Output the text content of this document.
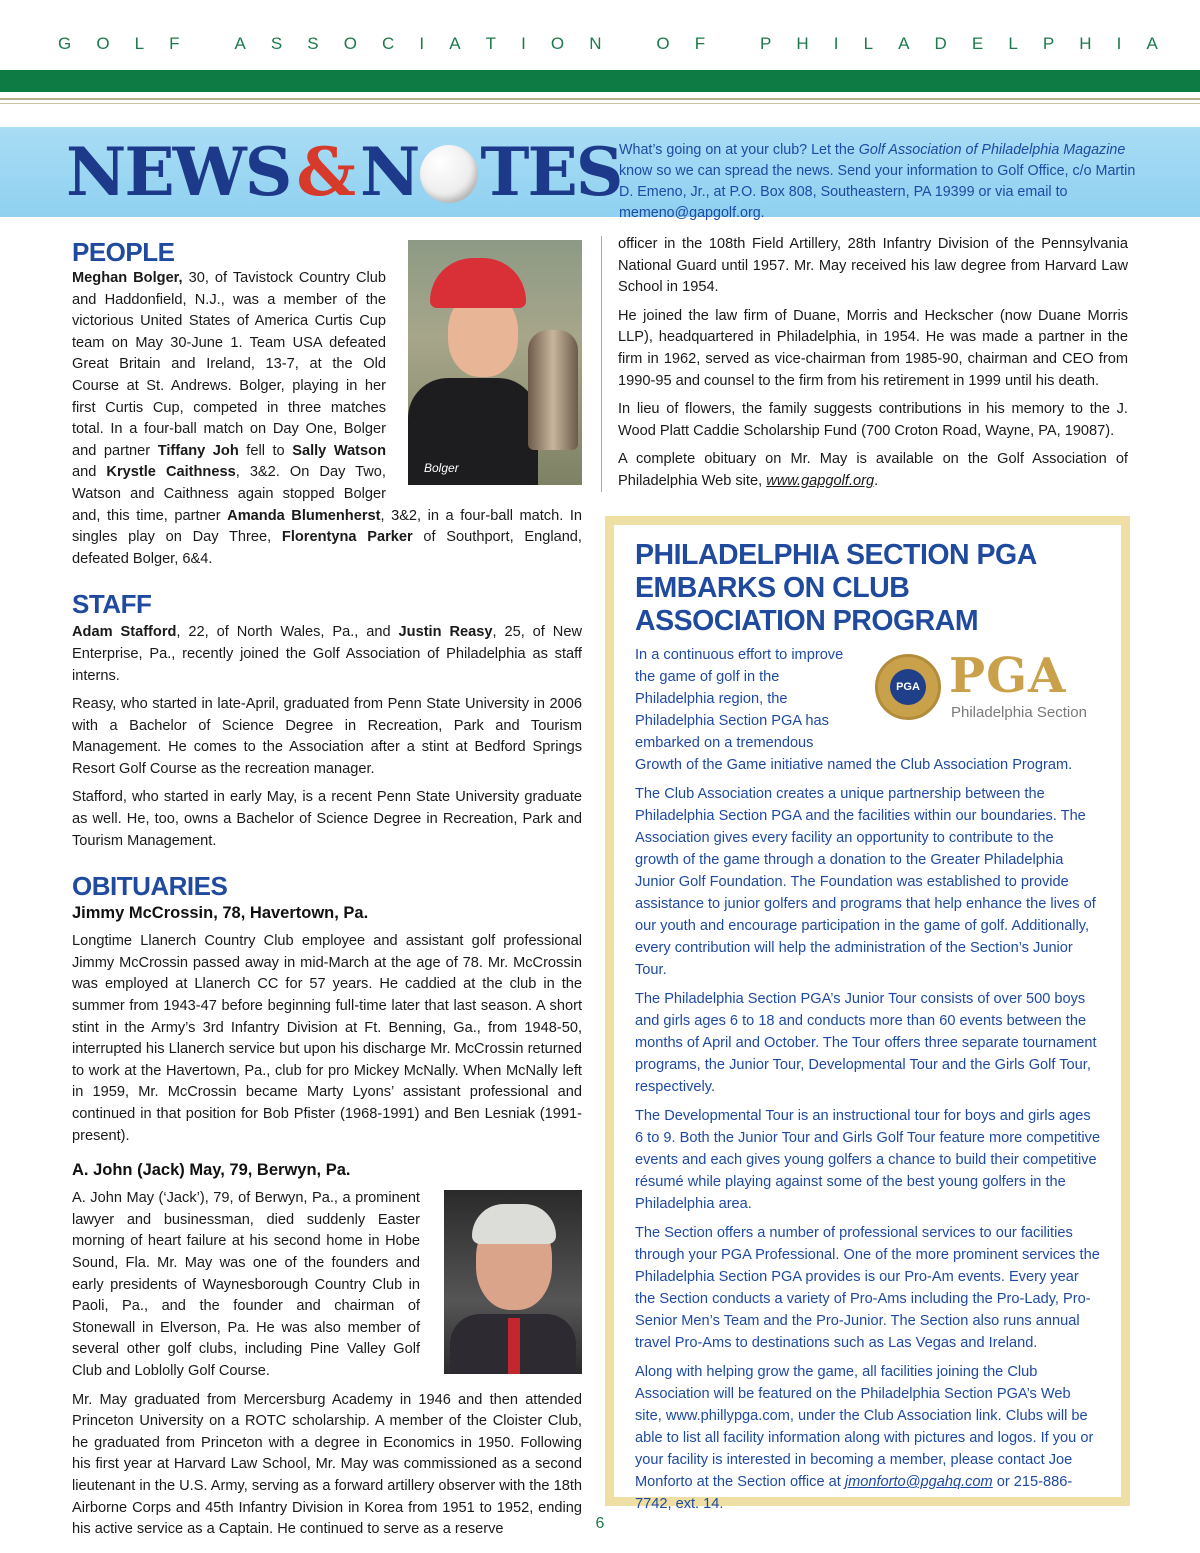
G O L F
	A S S O C I A T I O N
	O F
	P H I L A D E L P H I A
NEWS & N TES
What’s going on at your club? Let the Golf Association of Philadelphia Magazine know so we can spread the news. Send your information to Golf Office, c/o Martin D. Emeno, Jr., at P.O. Box 808, Southeastern, PA 19399 or via email to memeno@gapgolf.org.
Bolger
PEOPLE

Meghan Bolger, 30, of Tavistock Country Club and Haddonfield, N.J., was a member of the victorious United States of America Curtis Cup team on May 30-June 1. Team USA defeated Great Britain and Ireland, 13-7, at the Old Course at St. Andrews. Bolger, playing in her first Curtis Cup, competed in three matches total. In a four-ball match on Day One, Bolger and partner Tiffany Joh fell to Sally Watson and Krystle Caithness, 3&2. On Day Two, Watson and Caithness again stopped Bolger and, this time, partner Amanda Blumenherst, 3&2, in a four-ball match. In singles play on Day Three, Florentyna Parker of Southport, England, defeated Bolger, 6&4.

STAFF

Adam Stafford, 22, of North Wales, Pa., and Justin Reasy, 25, of New Enterprise, Pa., recently joined the Golf Association of Philadelphia as staff interns.

Reasy, who started in late-April, graduated from Penn State University in 2006 with a Bachelor of Science Degree in Recreation, Park and Tourism Management. He comes to the Association after a stint at Bedford Springs Resort Golf Course as the recreation manager.

Stafford, who started in early May, is a recent Penn State University graduate as well. He, too, owns a Bachelor of Science Degree in Recreation, Park and Tourism Management.

OBITUARIES
Jimmy McCrossin, 78, Havertown, Pa.

Longtime Llanerch Country Club employee and assistant golf professional Jimmy McCrossin passed away in mid-March at the age of 78. Mr. McCrossin was employed at Llanerch CC for 57 years. He caddied at the club in the summer from 1943-47 before beginning full-time later that last season. A short stint in the Army’s 3rd Infantry Division at Ft. Benning, Ga., from 1948-50, interrupted his Llanerch service but upon his discharge Mr. McCrossin returned to work at the Havertown, Pa., club for pro Mickey McNally. When McNally left in 1959, Mr. McCrossin became Marty Lyons’ assistant professional and continued in that position for Bob Pfister (1968-1991) and Ben Lesniak (1991-present).

A. John (Jack) May, 79, Berwyn, Pa.

A. John May (‘Jack’), 79, of Berwyn, Pa., a prominent lawyer and businessman, died suddenly Easter morning of heart failure at his second home in Hobe Sound, Fla. Mr. May was one of the founders and early presidents of Waynesborough Country Club in Paoli, Pa., and the founder and chairman of Stonewall in Elverson, Pa. He was also member of several other golf clubs, including Pine Valley Golf Club and Loblolly Golf Course.

Mr. May graduated from Mercersburg Academy in 1946 and then attended Princeton University on a ROTC scholarship. A member of the Cloister Club, he graduated from Princeton with a degree in Economics in 1950. Following his first year at Harvard Law School, Mr. May was commissioned as a second lieutenant in the U.S. Army, serving as a forward artillery observer with the 18th Airborne Corps and 45th Infantry Division in Korea from 1951 to 1952, ending his active service as a Captain. He continued to serve as a reserve

officer in the 108th Field Artillery, 28th Infantry Division of the Pennsylvania National Guard until 1957. Mr. May received his law degree from Harvard Law School in 1954.

He joined the law firm of Duane, Morris and Heckscher (now Duane Morris LLP), headquartered in Philadelphia, in 1954. He was made a partner in the firm in 1962, served as vice-chairman from 1985-90, chairman and CEO from 1990-95 and counsel to the firm from his retirement in 1999 until his death.

In lieu of flowers, the family suggests contributions in his memory to the J. Wood Platt Caddie Scholarship Fund (700 Croton Road, Wayne, PA, 19087).

A complete obituary on Mr. May is available on the Golf Association of Philadelphia Web site, www.gapgolf.org.

PHILADELPHIA SECTION PGA EMBARKS ON CLUB ASSOCIATION PROGRAM
PGA PGA
Philadelphia Section

In a continuous effort to improve the game of golf in the Philadelphia region, the Philadelphia Section PGA has embarked on a tremendous Growth of the Game initiative named the Club Association Program.

The Club Association creates a unique partnership between the Philadelphia Section PGA and the facilities within our boundaries. The Association gives every facility an opportunity to contribute to the growth of the game through a donation to the Greater Philadelphia Junior Golf Foundation. The Foundation was established to provide assistance to junior golfers and programs that help enhance the lives of our youth and encourage participation in the game of golf. Additionally, every contribution will help the administration of the Section’s Junior Tour.

The Philadelphia Section PGA’s Junior Tour consists of over 500 boys and girls ages 6 to 18 and conducts more than 60 events between the months of April and October. The Tour offers three separate tournament programs, the Junior Tour, Developmental Tour and the Girls Golf Tour, respectively.

The Developmental Tour is an instructional tour for boys and girls ages 6 to 9. Both the Junior Tour and Girls Golf Tour feature more competitive events and each gives young golfers a chance to build their competitive résumé while playing against some of the best young golfers in the Philadelphia area.

The Section offers a number of professional services to our facilities through your PGA Professional. One of the more prominent services the Philadelphia Section PGA provides is our Pro-Am events. Every year the Section conducts a variety of Pro-Ams including the Pro-Lady, Pro-Senior Men’s Team and the Pro-Junior. The Section also runs annual travel Pro-Ams to destinations such as Las Vegas and Ireland.

Along with helping grow the game, all facilities joining the Club Association will be featured on the Philadelphia Section PGA’s Web site, www.phillypga.com, under the Club Association link. Clubs will be able to list all facility information along with pictures and logos. If you or your facility is interested in becoming a member, please contact Joe Monforto at the Section office at jmonforto@pgahq.com or 215-886-7742, ext. 14.

6
